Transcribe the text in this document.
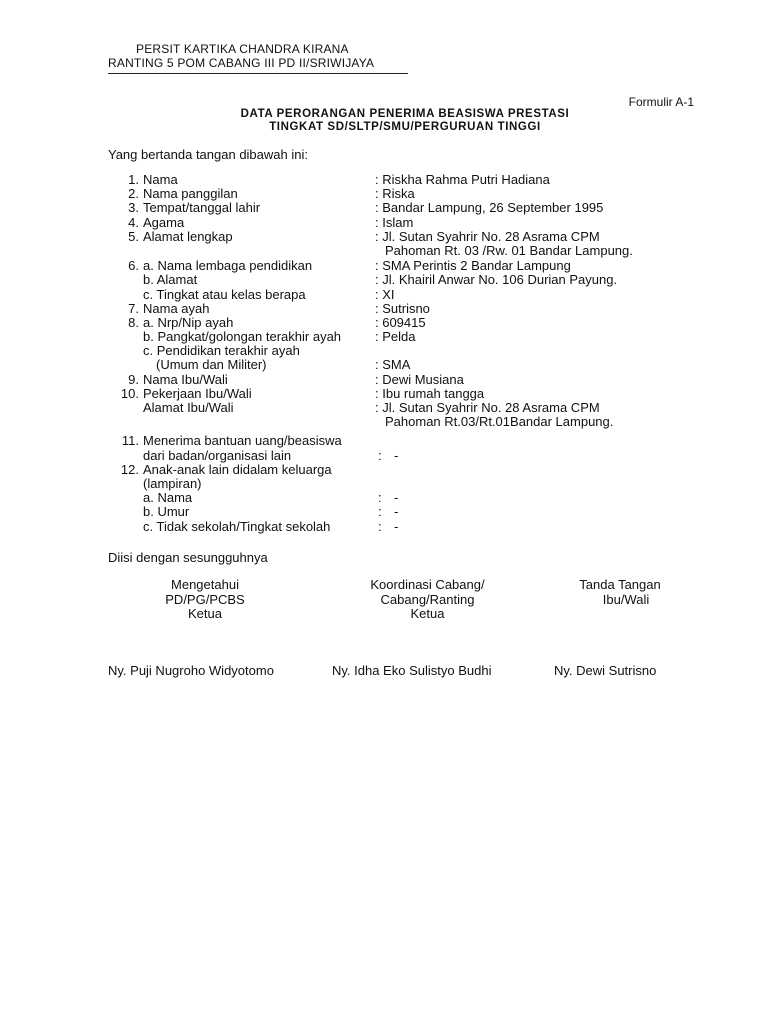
PERSIT KARTIKA CHANDRA KIRANA
RANTING 5 POM CABANG III PD II/SRIWIJAYA
Formulir A-1
DATA PERORANGAN PENERIMA BEASISWA PRESTASI
TINGKAT SD/SLTP/SMU/PERGURUAN TINGGI
Yang bertanda tangan dibawah ini:
1. Nama	: Riskha Rahma Putri Hadiana
2. Nama panggilan	: Riska
3. Tempat/tanggal lahir	: Bandar Lampung, 26 September 1995
4. Agama	: Islam
5. Alamat lengkap	: Jl. Sutan Syahrir No. 28 Asrama CPM
Pahoman Rt. 03 /Rw. 01 Bandar Lampung.
6. a. Nama lembaga pendidikan	: SMA Perintis 2 Bandar Lampung
b. Alamat	: Jl. Khairil Anwar No. 106 Durian Payung.
c. Tingkat atau kelas berapa	: XI
7. Nama ayah	: Sutrisno
8. a. Nrp/Nip ayah	: 609415
b. Pangkat/golongan terakhir ayah	: Pelda
c. Pendidikan terakhir ayah
(Umum dan Militer)	: SMA
9. Nama Ibu/Wali	: Dewi Musiana
10. Pekerjaan Ibu/Wali	: Ibu rumah tangga
Alamat Ibu/Wali	: Jl. Sutan Syahrir No. 28 Asrama CPM
Pahoman Rt.03/Rt.01Bandar Lampung.
11. Menerima bantuan uang/beasiswa
dari badan/organisasi lain	: -
12. Anak-anak lain didalam keluarga
(lampiran)
a. Nama	: -
b. Umur	: -
c. Tidak sekolah/Tingkat sekolah	: -
Diisi dengan sesungguhnya
Mengetahui
PD/PG/PCBS
Ketua
Koordinasi Cabang/
Cabang/Ranting
Ketua
Tanda Tangan
Ibu/Wali
Ny. Puji Nugroho Widyotomo	Ny. Idha Eko Sulistyo Budhi	Ny. Dewi Sutrisno
